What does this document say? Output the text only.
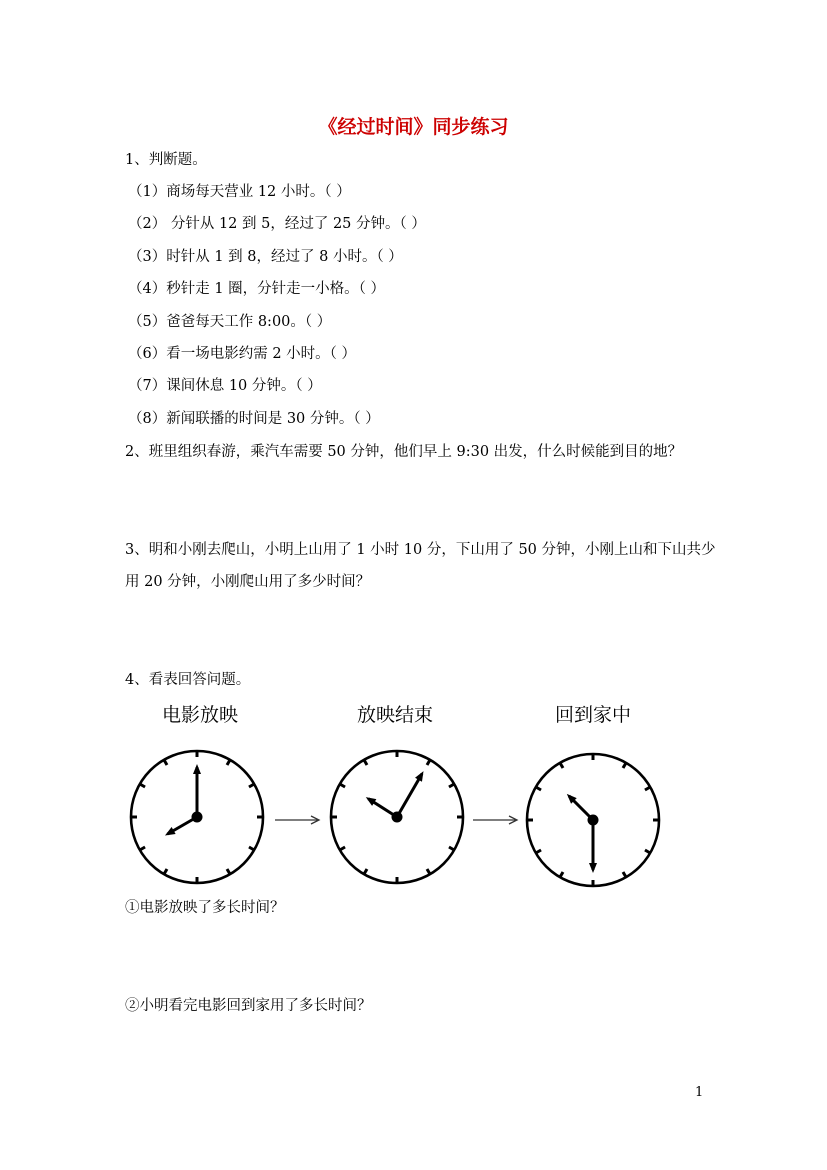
《经过时间》同步练习
1、判断题。
（1）商场每天营业 12 小时。（ ）
（2） 分针从 12 到 5，经过了 25 分钟。（ ）
（3）时针从 1 到 8，经过了 8 小时。（ ）
（4）秒针走 1 圈，分针走一小格。（ ）
（5）爸爸每天工作 8:00。（ ）
（6）看一场电影约需 2 小时。（ ）
（7）课间休息 10 分钟。（ ）
（8）新闻联播的时间是 30 分钟。（ ）
2、班里组织春游，乘汽车需要 50 分钟，他们早上 9:30 出发，什么时候能到目的地？
3、明和小刚去爬山，小明上山用了 1 小时 10 分，下山用了 50 分钟，小刚上山和下山共少
用 20 分钟，小刚爬山用了多少时间？
4、看表回答问题。
电影放映	放映结束	回到家中
①电影放映了多长时间？
②小明看完电影回到家用了多长时间？
1
